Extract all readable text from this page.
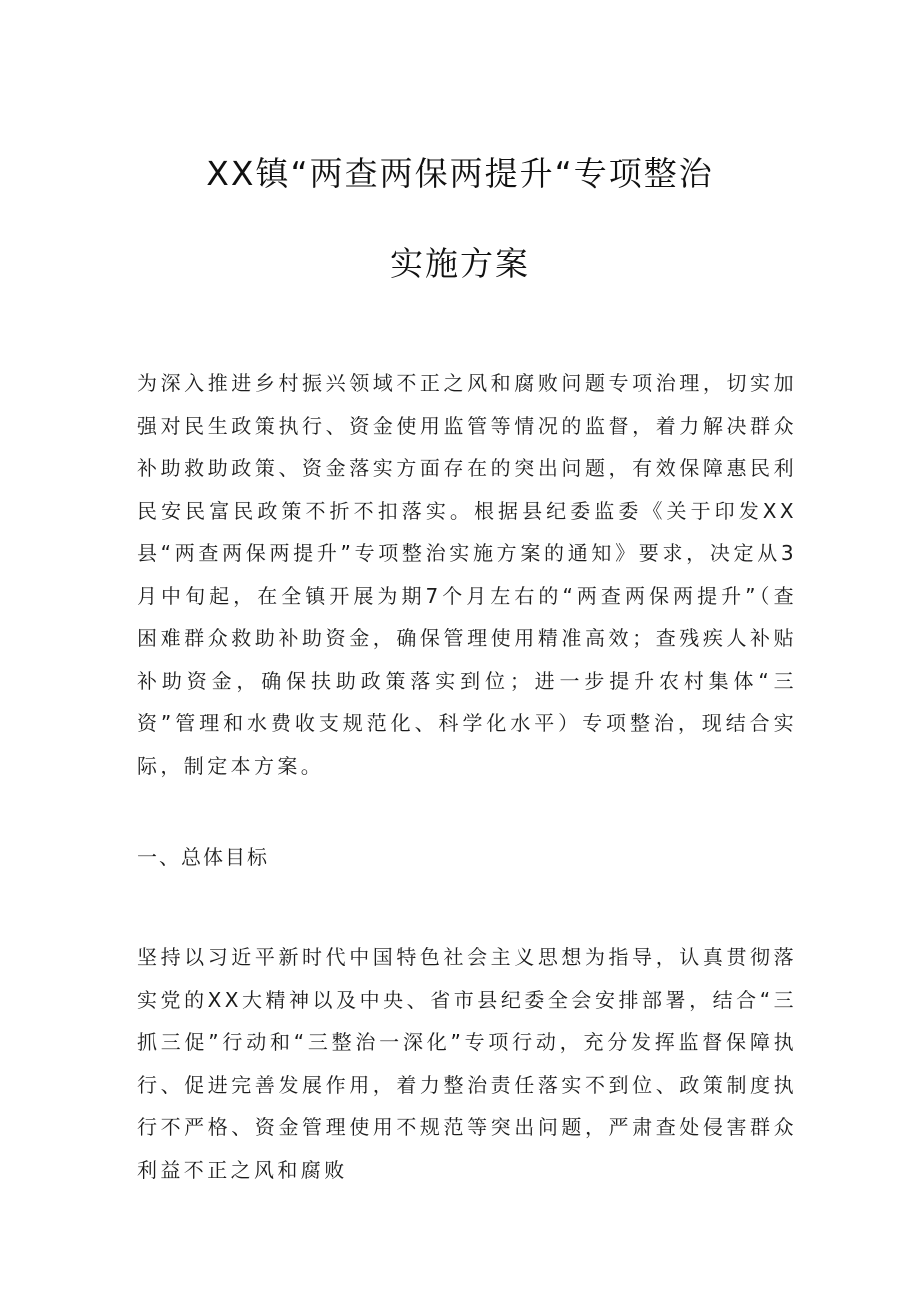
XX镇“两查两保两提升“专项整治
实施方案
为深入推进乡村振兴领域不正之风和腐败问题专项治理，切实加强对民生政策执行、资金使用监管等情况的监督，着力解决群众补助救助政策、资金落实方面存在的突出问题，有效保障惠民利民安民富民政策不折不扣落实。根据县纪委监委《关于印发XX县“两查两保两提升”专项整治实施方案的通知》要求，决定从3月中旬起，在全镇开展为期7个月左右的“两查两保两提升”（查困难群众救助补助资金，确保管理使用精准高效；查残疾人补贴补助资金，确保扶助政策落实到位；进一步提升农村集体“三资”管理和水费收支规范化、科学化水平）专项整治，现结合实际，制定本方案。
一、总体目标
坚持以习近平新时代中国特色社会主义思想为指导，认真贯彻落实党的XX大精神以及中央、省市县纪委全会安排部署，结合“三抓三促”行动和“三整治一深化”专项行动，充分发挥监督保障执行、促进完善发展作用，着力整治责任落实不到位、政策制度执行不严格、资金管理使用不规范等突出问题，严肃查处侵害群众利益不正之风和腐败
